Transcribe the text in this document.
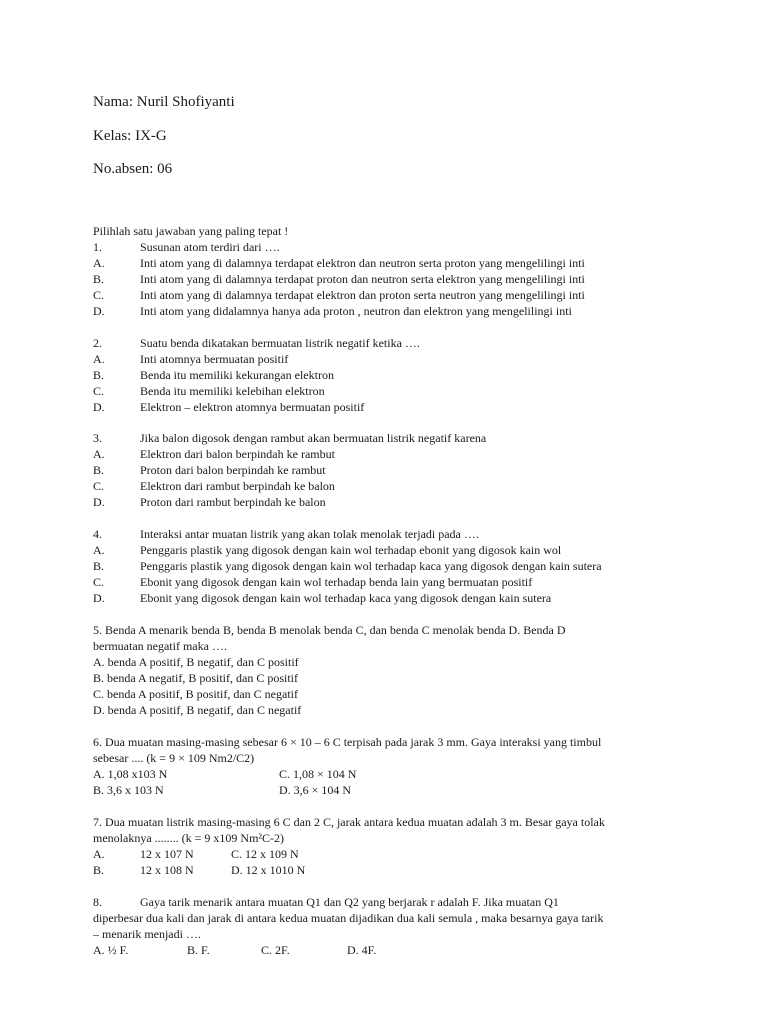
Nama: Nuril Shofiyanti
Kelas: IX-G
No.absen: 06
Pilihlah satu jawaban yang paling tepat !
1.	Susunan atom terdiri dari ….
A.	Inti atom yang di dalamnya terdapat elektron dan neutron serta proton yang mengelilingi inti
B.	Inti atom yang di dalamnya terdapat proton dan neutron serta elektron yang mengelilingi inti
C.	Inti atom yang di dalamnya terdapat elektron dan proton serta neutron yang mengelilingi inti
D.	Inti atom yang didalamnya hanya ada proton , neutron dan elektron yang mengelilingi inti
2.	Suatu benda dikatakan bermuatan listrik negatif ketika ….
A.	Inti atomnya bermuatan positif
B.	Benda itu memiliki kekurangan elektron
C.	Benda itu memiliki kelebihan elektron
D.	Elektron – elektron atomnya bermuatan positif
3.	Jika balon digosok dengan rambut akan bermuatan listrik negatif karena
A.	Elektron dari balon berpindah ke rambut
B.	Proton dari balon berpindah ke rambut
C.	Elektron dari rambut berpindah ke balon
D.	Proton dari rambut berpindah ke balon
4.	Interaksi antar muatan listrik yang akan tolak menolak terjadi pada ….
A.	Penggaris plastik yang digosok dengan kain wol terhadap ebonit yang digosok kain wol
B.	Penggaris plastik yang digosok dengan kain wol terhadap kaca yang digosok dengan kain sutera
C.	Ebonit yang digosok dengan kain wol terhadap benda lain yang bermuatan positif
D.	Ebonit yang digosok dengan kain wol terhadap kaca yang digosok dengan kain sutera
5. Benda A menarik benda B, benda B menolak benda C, dan benda C menolak benda D. Benda D
bermuatan negatif maka ….
A. benda A positif, B negatif, dan C positif
B. benda A negatif, B positif, dan C positif
C. benda A positif, B positif, dan C negatif
D. benda A positif, B negatif, dan C negatif
6. Dua muatan masing-masing sebesar 6 × 10 – 6 C terpisah pada jarak 3 mm. Gaya interaksi yang timbul
sebesar .... (k = 9 × 109 Nm2/C2)
A. 1,08 x103 N	C. 1,08 × 104 N
B. 3,6 x 103 N	D. 3,6 × 104 N
7. Dua muatan listrik masing-masing 6 C dan 2 C, jarak antara kedua muatan adalah 3 m. Besar gaya tolak
menolaknya ........ (k = 9 x109 Nm²C-2)
A.	12 x 107 N	C. 12 x 109 N
B.	12 x 108 N	D. 12 x 1010 N
8.	Gaya tarik menarik antara muatan Q1 dan Q2 yang berjarak r adalah F. Jika muatan Q1
diperbesar dua kali dan jarak di antara kedua muatan dijadikan dua kali semula , maka besarnya gaya tarik
– menarik menjadi ….
A. ½ F.	B. F.	C. 2F.	D. 4F.
